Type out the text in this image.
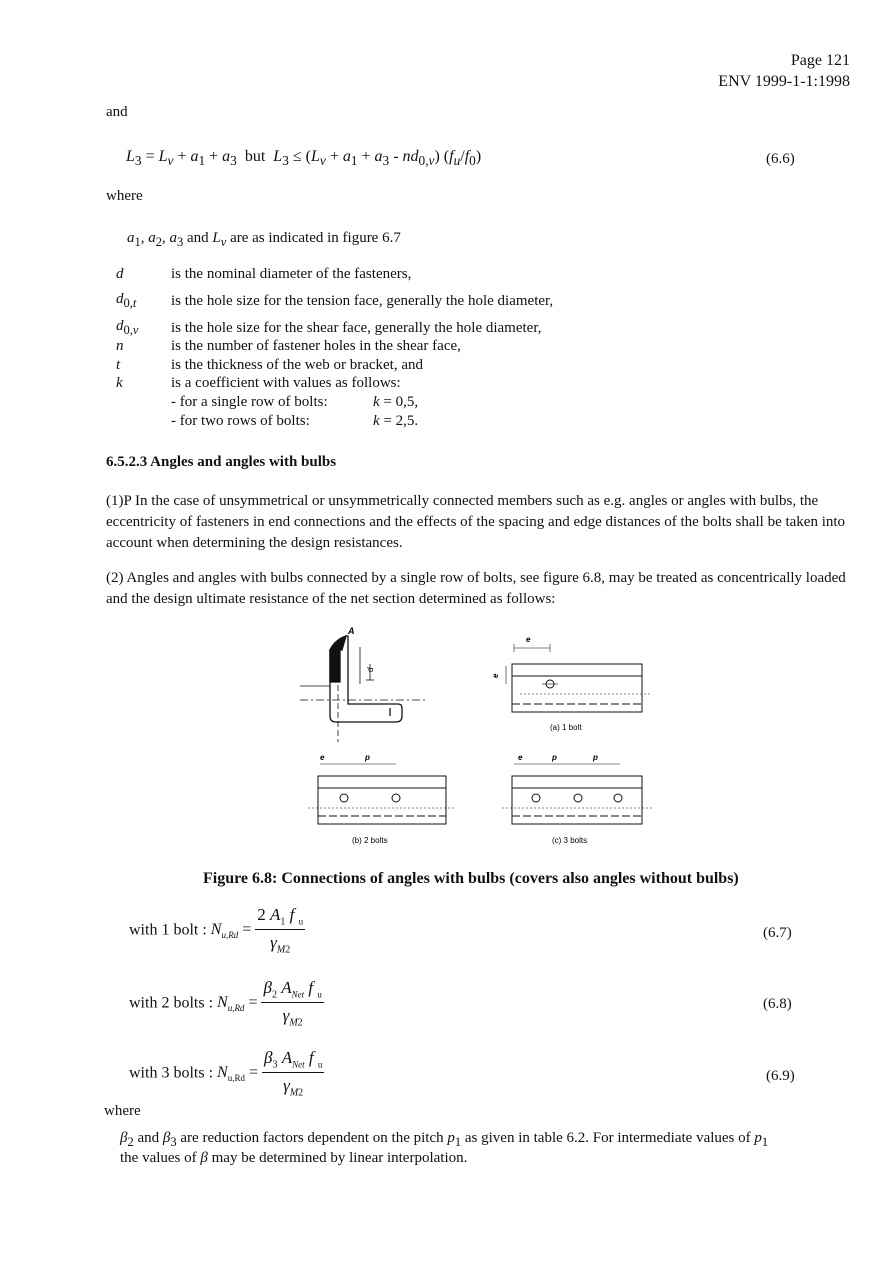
Page 121
ENV 1999-1-1:1998
and
$L_3 = L_v + a_1 + a_3$  but  $L_3 \le (L_v + a_1 + a_3 - nd_{0,v})$ $(f_u/f_0)$	(6.6)
where
$a_1$, $a_2$, $a_3$ and $L_v$ are as indicated in figure 6.7
d	is the nominal diameter of the fasteners,
$d_{0,t}$ is the hole size for the tension face, generally the hole diameter,
$d_{0,v}$ is the hole size for the shear face, generally the hole diameter,
n	is the number of fastener holes in the shear face,
t	is the thickness of the web or bracket, and
k	is a coefficient with values as follows:
- for a single row of bolts:	k = 0,5,
- for two rows of bolts:	k = 2,5.
6.5.2.3 Angles and angles with bulbs
(1)P In the case of unsymmetrical or unsymmetrically connected members such as e.g. angles or angles with bulbs, the eccentricity of fasteners in end connections and the effects of the spacing and edge distances of the bolts shall be taken into account when determining the design resistances.
(2) Angles and angles with bulbs connected by a single row of bolts, see figure 6.8, may be treated as concentrically loaded and the design ultimate resistance of the net section determined as follows:
A
d
e
e
(a) 1 bolt
e	p
(b) 2 bolts
e	p	p
(c) 3 bolts
Figure 6.8: Connections of angles with bulbs (covers also angles without bulbs)
with 1 bolt : $N_{u,Rd} = \frac{2 A_1 f _u}{\gamma_{M2}}$	(6.7)
with 2 bolts : $N_{u,Rd} = \frac{\beta_2 A_{Net} f _u}{\gamma_{M2}}$	(6.8)
with 3 bolts : $N_{u,Rd} = \frac{\beta_3 A_{Net} f _u}{\gamma_{M2}}$	(6.9)
where
$\beta_2$ and $\beta_3$ are reduction factors dependent on the pitch $p_1$ as given in table 6.2. For intermediate values of $p_1$
the values of β may be determined by linear interpolation.
